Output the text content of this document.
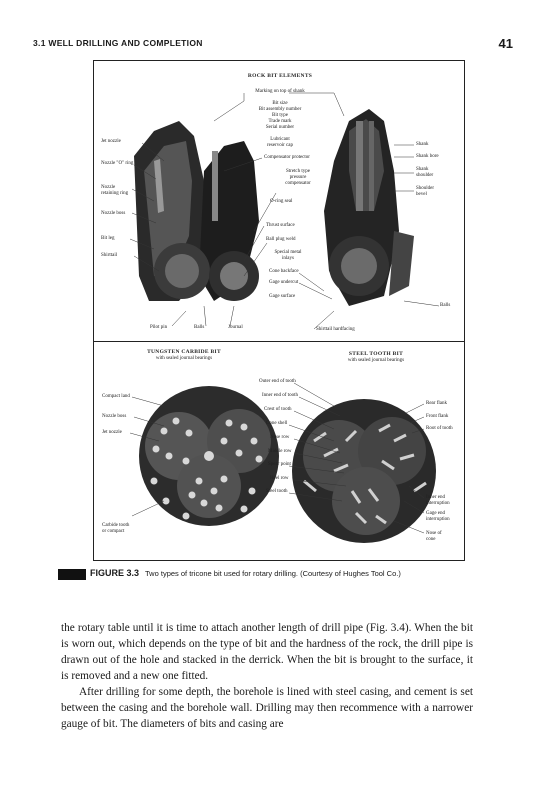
3.1 WELL DRILLING AND COMPLETION	41
ROCK BIT ELEMENTS
Jet nozzle
Nozzle "O" ring
Nozzle retaining ring
Nozzle boss
Bit leg
Shirttail
Marking on top of shank
Bit size
Bit assembly number
Bit type
Trade mark
Serial number
Lubricant reservoir cap
Compensator protector
Stretch type pressure compensator
O-ring seal
Thrust surface
Ball plug weld
Special metal inlays
Cone backface
Gage undercut
Gage surface
Shank
Shank bore
Shank shoulder
Shoulder bevel
Balls
Pilot pin	Balls	Journal	Shirttail hardfacing
TUNGSTEN CARBIDE BIT
with sealed journal bearings
STEEL TOOTH BIT
with sealed journal bearings
Compact land
Nozzle boss
Jet nozzle
Carbide tooth or compact
Outer end of tooth
Inner end of tooth
Crest of tooth
Cone shell
Nose row
Middle row
Spear point
Heel row
Steel tooth
Rear flank
Front flank
Root of tooth
Inner end interruption
Gage end interruption
Nose of cone
FIGURE 3.3 Two types of tricone bit used for rotary drilling. (Courtesy of Hughes Tool Co.)

the rotary table until it is time to attach another length of drill pipe (Fig. 3.4). When the bit is worn out, which depends on the type of bit and the hardness of the rock, the drill pipe is drawn out of the hole and stacked in the derrick. When the bit is brought to the surface, it is removed and a new one fitted.

After drilling for some depth, the borehole is lined with steel casing, and cement is set between the casing and the borehole wall. Drilling may then recommence with a narrower gauge of bit. The diameters of bits and casing are
